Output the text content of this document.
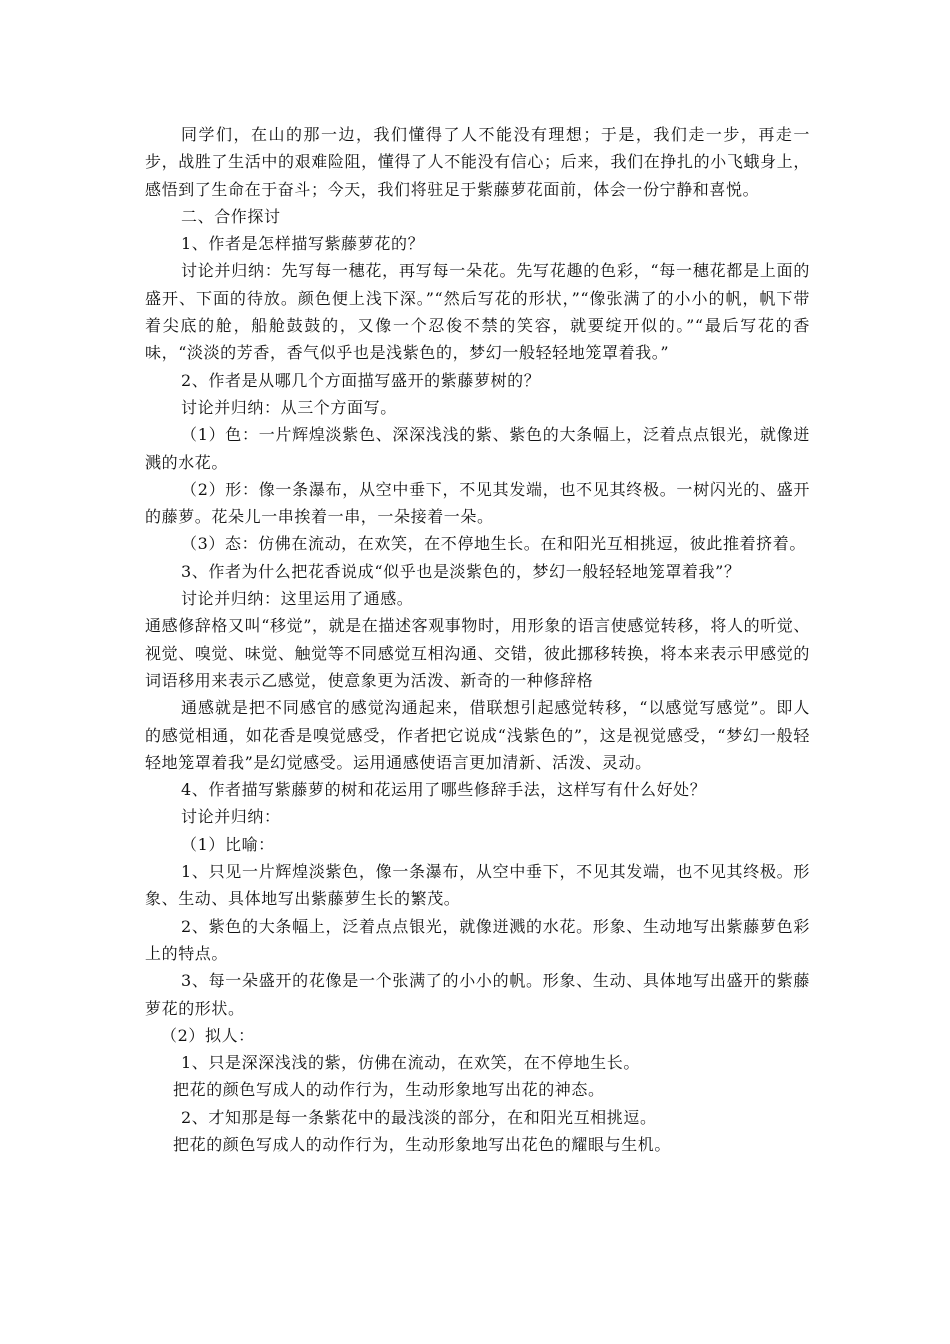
同学们，在山的那一边，我们懂得了人不能没有理想；于是，我们走一步，再走一步，战胜了生活中的艰难险阻，懂得了人不能没有信心；后来，我们在挣扎的小飞蛾身上，感悟到了生命在于奋斗；今天，我们将驻足于紫藤萝花面前，体会一份宁静和喜悦。

二、合作探讨

1、作者是怎样描写紫藤萝花的？

讨论并归纳：先写每一穗花，再写每一朵花。先写花趣的色彩，“每一穗花都是上面的盛开、下面的待放。颜色便上浅下深。”“然后写花的形状，”“像张满了的小小的帆，帆下带着尖底的舱，船舱鼓鼓的，又像一个忍俊不禁的笑容，就要绽开似的。”“最后写花的香味，“淡淡的芳香，香气似乎也是浅紫色的，梦幻一般轻轻地笼罩着我。”

2、作者是从哪几个方面描写盛开的紫藤萝树的？

讨论并归纳：从三个方面写。

（1）色：一片辉煌淡紫色、深深浅浅的紫、紫色的大条幅上，泛着点点银光，就像迸溅的水花。

（2）形：像一条瀑布，从空中垂下，不见其发端，也不见其终极。一树闪光的、盛开的藤萝。花朵儿一串挨着一串，一朵接着一朵。

（3）态：仿佛在流动，在欢笑，在不停地生长。在和阳光互相挑逗，彼此推着挤着。

3、作者为什么把花香说成“似乎也是淡紫色的，梦幻一般轻轻地笼罩着我”？

讨论并归纳：这里运用了通感。

通感修辞格又叫“移觉”，就是在描述客观事物时，用形象的语言使感觉转移，将人的听觉、视觉、嗅觉、味觉、触觉等不同感觉互相沟通、交错，彼此挪移转换，将本来表示甲感觉的词语移用来表示乙感觉，使意象更为活泼、新奇的一种修辞格

通感就是把不同感官的感觉沟通起来，借联想引起感觉转移，“以感觉写感觉”。即人的感觉相通，如花香是嗅觉感受，作者把它说成“浅紫色的”，这是视觉感受，“梦幻一般轻轻地笼罩着我”是幻觉感受。运用通感使语言更加清新、活泼、灵动。

4、作者描写紫藤萝的树和花运用了哪些修辞手法，这样写有什么好处？

讨论并归纳：

（1）比喻：

1、只见一片辉煌淡紫色，像一条瀑布，从空中垂下，不见其发端，也不见其终极。形象、生动、具体地写出紫藤萝生长的繁茂。

2、紫色的大条幅上，泛着点点银光，就像迸溅的水花。形象、生动地写出紫藤萝色彩上的特点。

3、每一朵盛开的花像是一个张满了的小小的帆。形象、生动、具体地写出盛开的紫藤萝花的形状。

（2）拟人：

1、只是深深浅浅的紫，仿佛在流动，在欢笑，在不停地生长。

把花的颜色写成人的动作行为，生动形象地写出花的神态。

2、才知那是每一条紫花中的最浅淡的部分，在和阳光互相挑逗。

把花的颜色写成人的动作行为，生动形象地写出花色的耀眼与生机。
